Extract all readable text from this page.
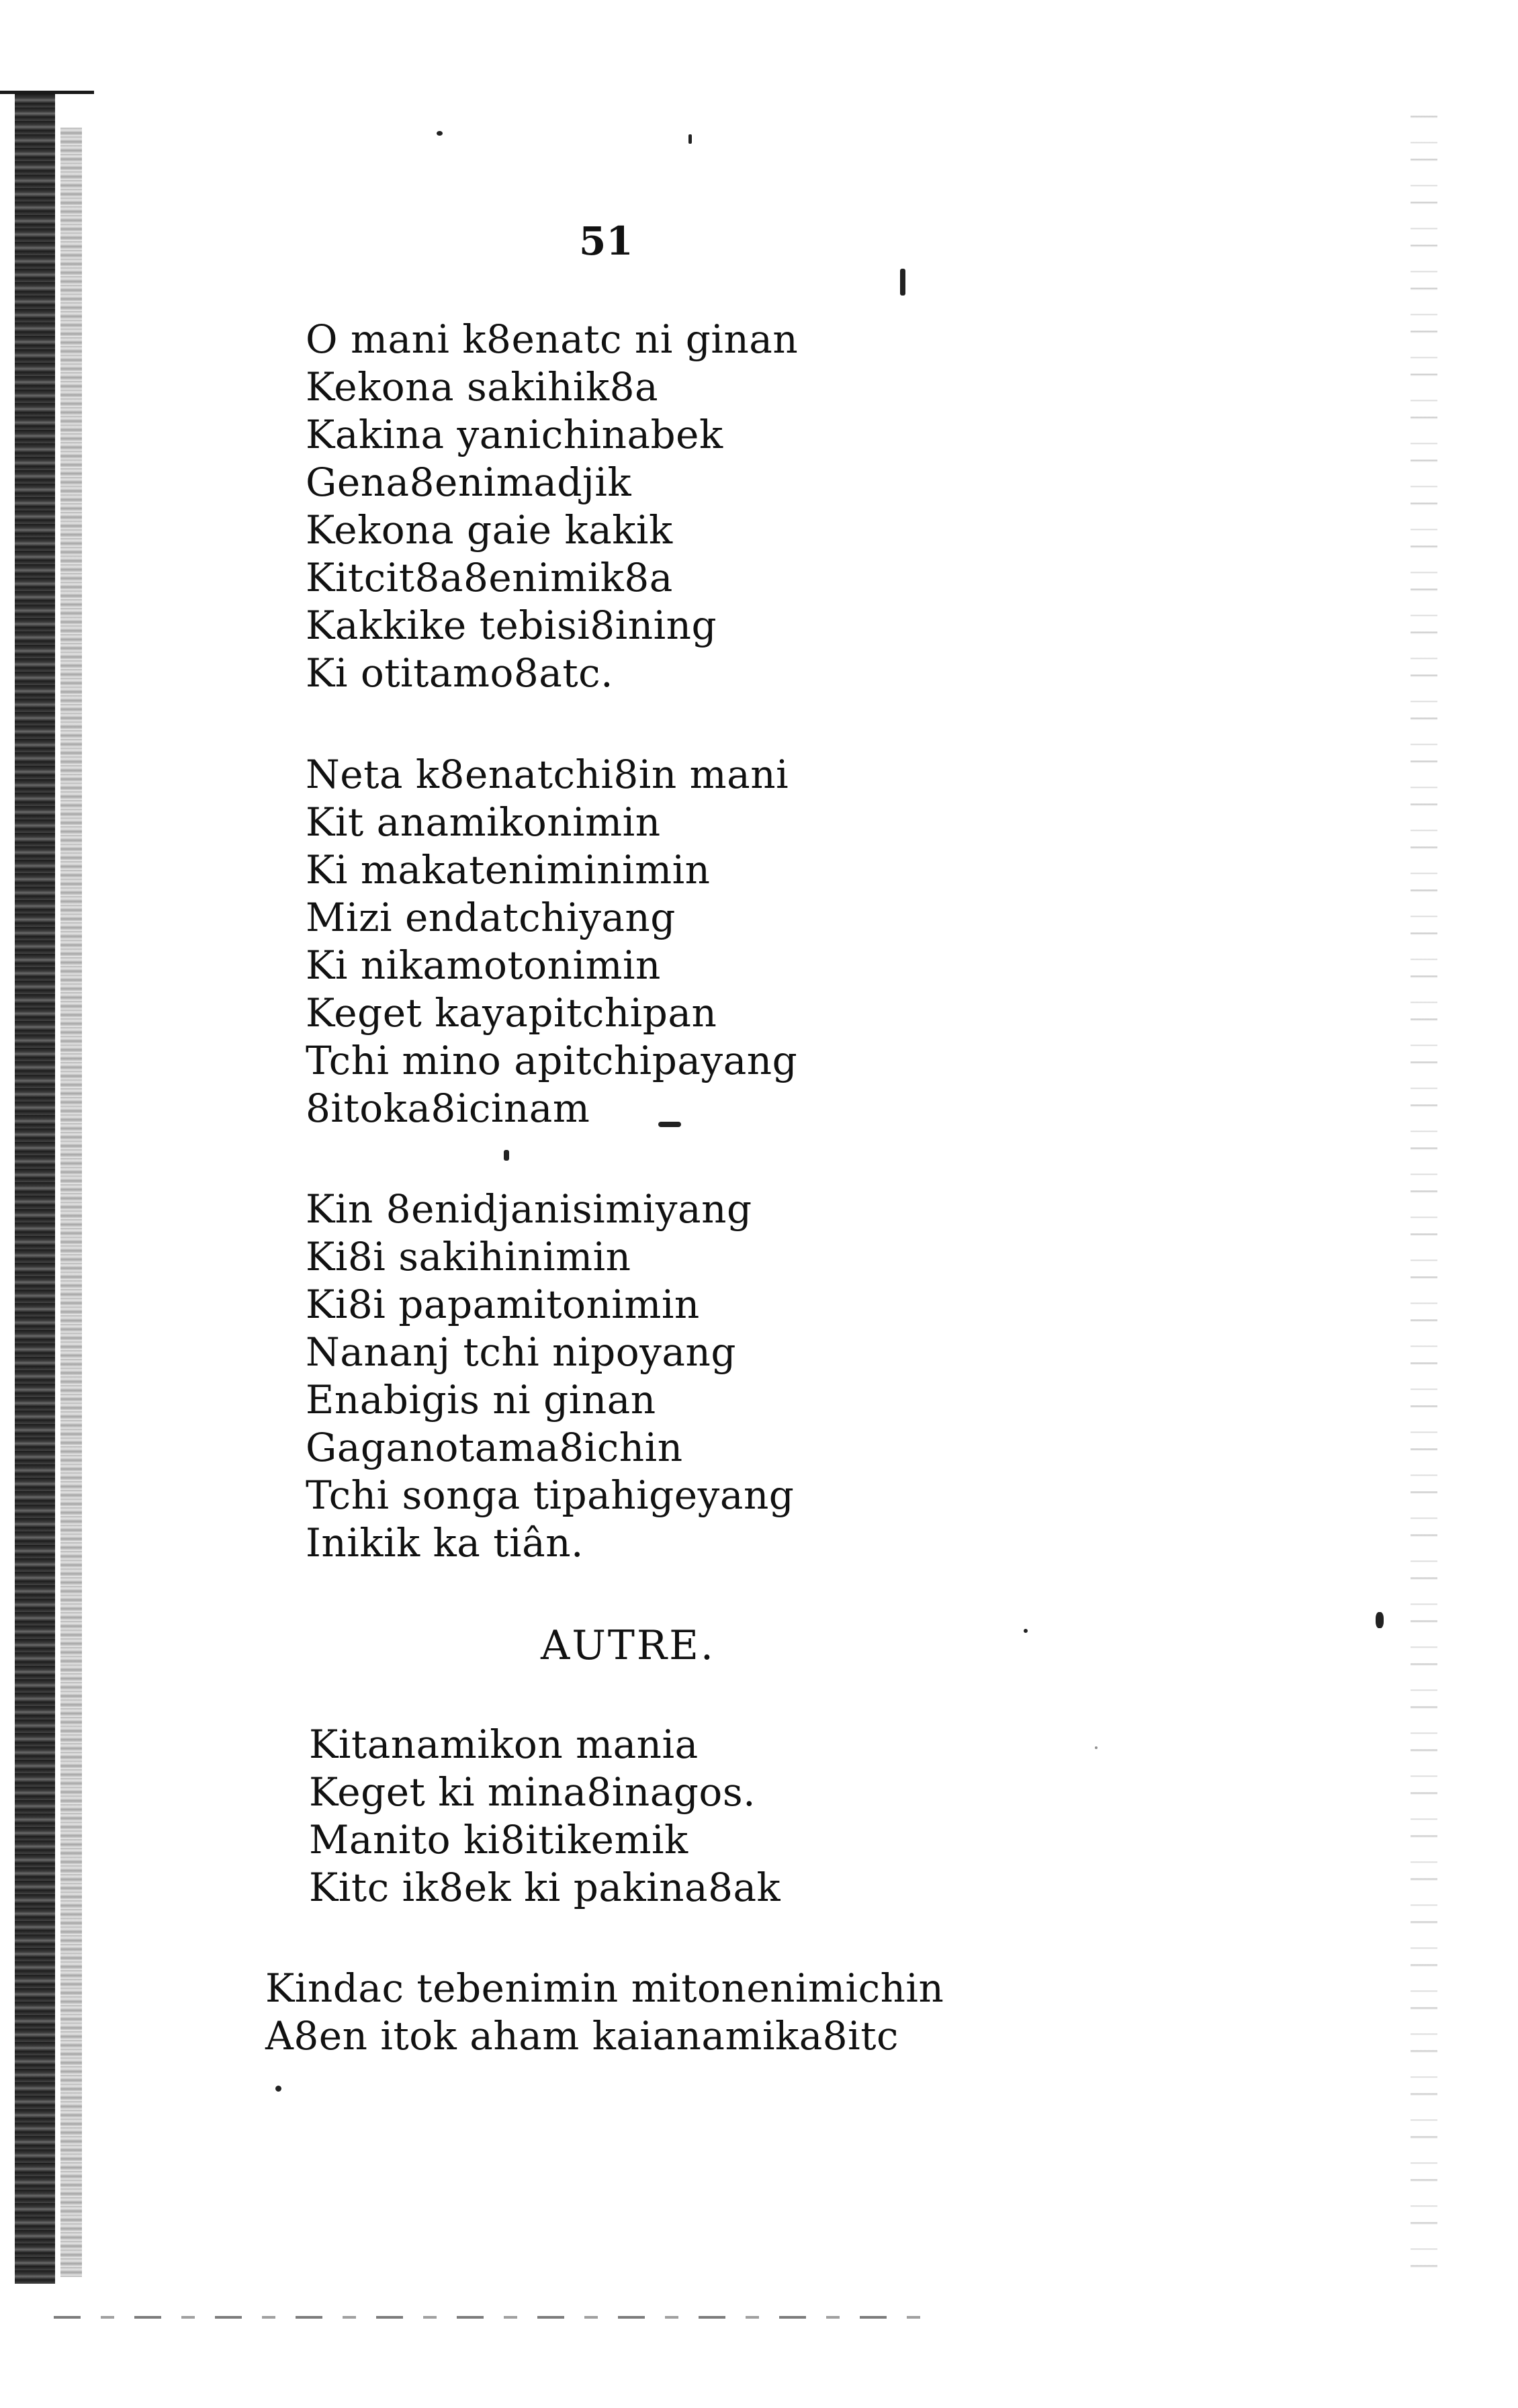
51
O mani k8enatc ni ginan
Kekona sakihik8a
Kakina yanichinabek
Gena8enimadjik
Kekona gaie kakik
Kitcit8a8enimik8a
Kakkike tebisi8ining
Ki otitamo8atc.
Neta k8enatchi8in mani
Kit anamikonimin
Ki makateniminimin
Mizi endatchiyang
Ki nikamotonimin
Keget kayapitchipan
Tchi mino apitchipayang
8itoka8icinam
Kin 8enidjanisimiyang
Ki8i sakihinimin
Ki8i papamitonimin
Nananj tchi nipoyang
Enabigis ni ginan
Gaganotama8ichin
Tchi songa tipahigeyang
Inikik ka tiân.
AUTRE.
Kitanamikon mania
Keget ki mina8inagos.
Manito ki8itikemik
Kitc ik8ek ki pakina8ak
Kindac tebenimin mitonenimichin
A8en itok aham kaianamika8itc
